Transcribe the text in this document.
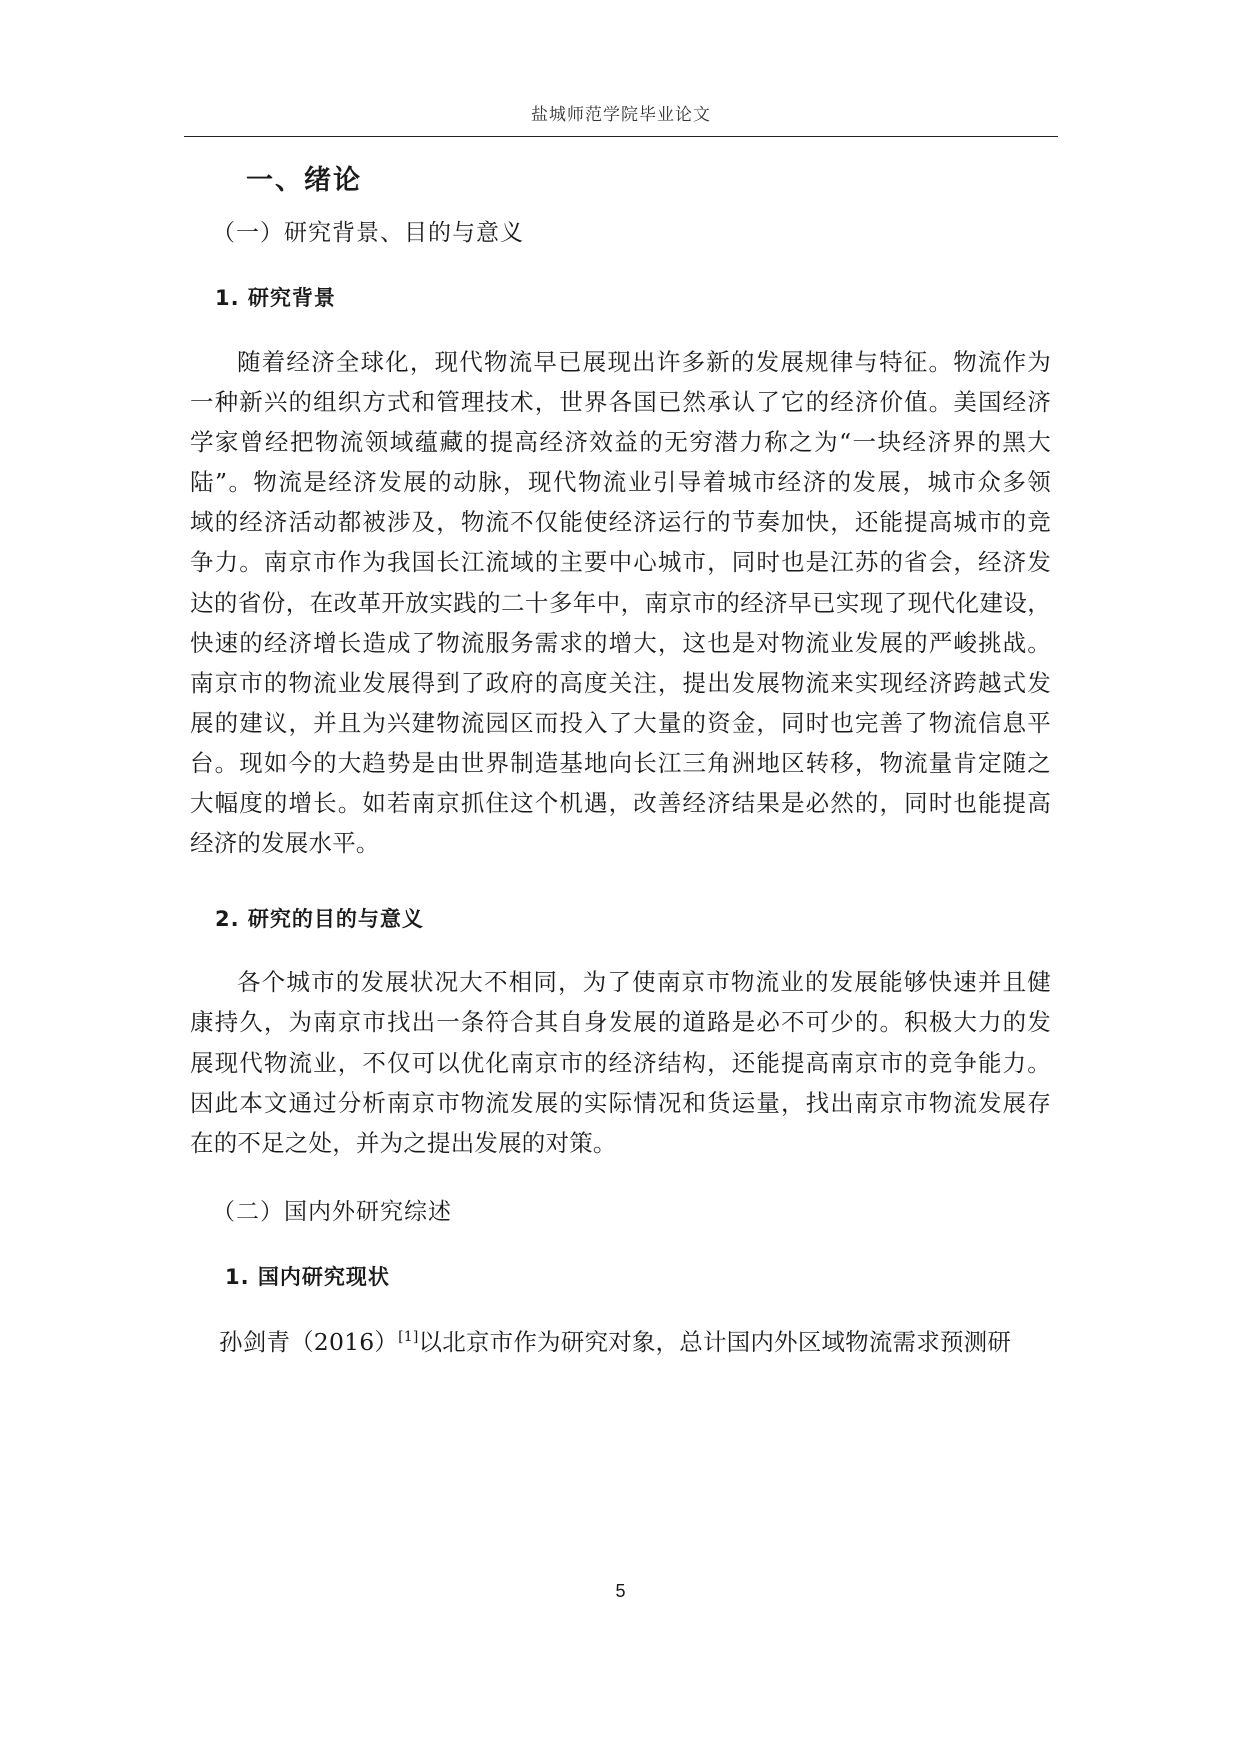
盐城师范学院毕业论文
一、绪论
（一）研究背景、目的与意义
1. 研究背景
随着经济全球化，现代物流早已展现出许多新的发展规律与特征。物流作为
一种新兴的组织方式和管理技术，世界各国已然承认了它的经济价值。美国经济
学家曾经把物流领域蕴藏的提高经济效益的无穷潜力称之为“一块经济界的黑大
陆”。物流是经济发展的动脉，现代物流业引导着城市经济的发展，城市众多领
域的经济活动都被涉及，物流不仅能使经济运行的节奏加快，还能提高城市的竞
争力。南京市作为我国长江流域的主要中心城市，同时也是江苏的省会，经济发
达的省份，在改革开放实践的二十多年中，南京市的经济早已实现了现代化建设，
快速的经济增长造成了物流服务需求的增大，这也是对物流业发展的严峻挑战。
南京市的物流业发展得到了政府的高度关注，提出发展物流来实现经济跨越式发
展的建议，并且为兴建物流园区而投入了大量的资金，同时也完善了物流信息平
台。现如今的大趋势是由世界制造基地向长江三角洲地区转移，物流量肯定随之
大幅度的增长。如若南京抓住这个机遇，改善经济结果是必然的，同时也能提高
经济的发展水平。
2. 研究的目的与意义
各个城市的发展状况大不相同，为了使南京市物流业的发展能够快速并且健
康持久，为南京市找出一条符合其自身发展的道路是必不可少的。积极大力的发
展现代物流业，不仅可以优化南京市的经济结构，还能提高南京市的竞争能力。
因此本文通过分析南京市物流发展的实际情况和货运量，找出南京市物流发展存
在的不足之处，并为之提出发展的对策。
（二）国内外研究综述
1. 国内研究现状
孙剑青（2016）[1]以北京市作为研究对象，总计国内外区域物流需求预测研
5
